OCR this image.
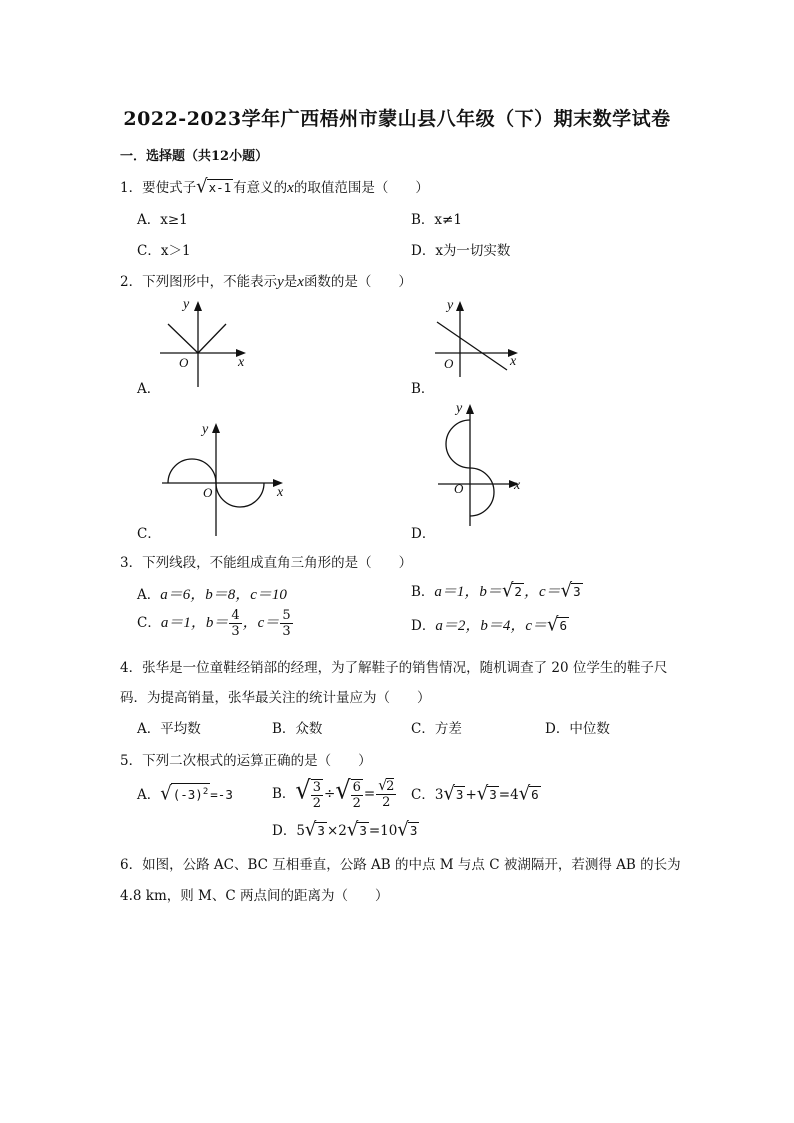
2022-2023学年广西梧州市蒙山县八年级（下）期末数学试卷
一．选择题（共12小题）
1．要使式子√x-1 有意义的x的取值范围是（　　）
A．x≥1	B．x≠1
C．x＞1	D．x为一切实数
2．下列图形中，不能表示y是x函数的是（　　）
y
x
O
A．
y
x
O
B．
y
x
O
C．
y
x
O
D．
3．下列线段，不能组成直角三角形的是（　　）
A．a＝6，b＝8，c＝10	B．a＝1，b＝√2 ，c＝√3
C．a＝1，$b= \frac{4}{3}$ ，$c= \frac{5}{3}$	D．a＝2，b＝4，c＝√6
4．张华是一位童鞋经销部的经理，为了解鞋子的销售情况，随机调查了 20 位学生的鞋子尺
码．为提高销量，张华最关注的统计量应为（　　）
A．平均数	B．众数	C．方差	D．中位数
5．下列二次根式的运算正确的是（　　）
A．$√(-3)^2 =-3$	B．√ $\frac{3}{2}$ ÷√ $\frac{6}{2} = \frac{√2}{2}$ C．3√3 +√3 =4√6
D．5√3 ×2√3 =10√3
6．如图，公路 AC、BC 互相垂直，公路 AB 的中点 M 与点 C 被湖隔开，若测得 AB 的长为
4.8 km，则 M、C 两点间的距离为（　　）
